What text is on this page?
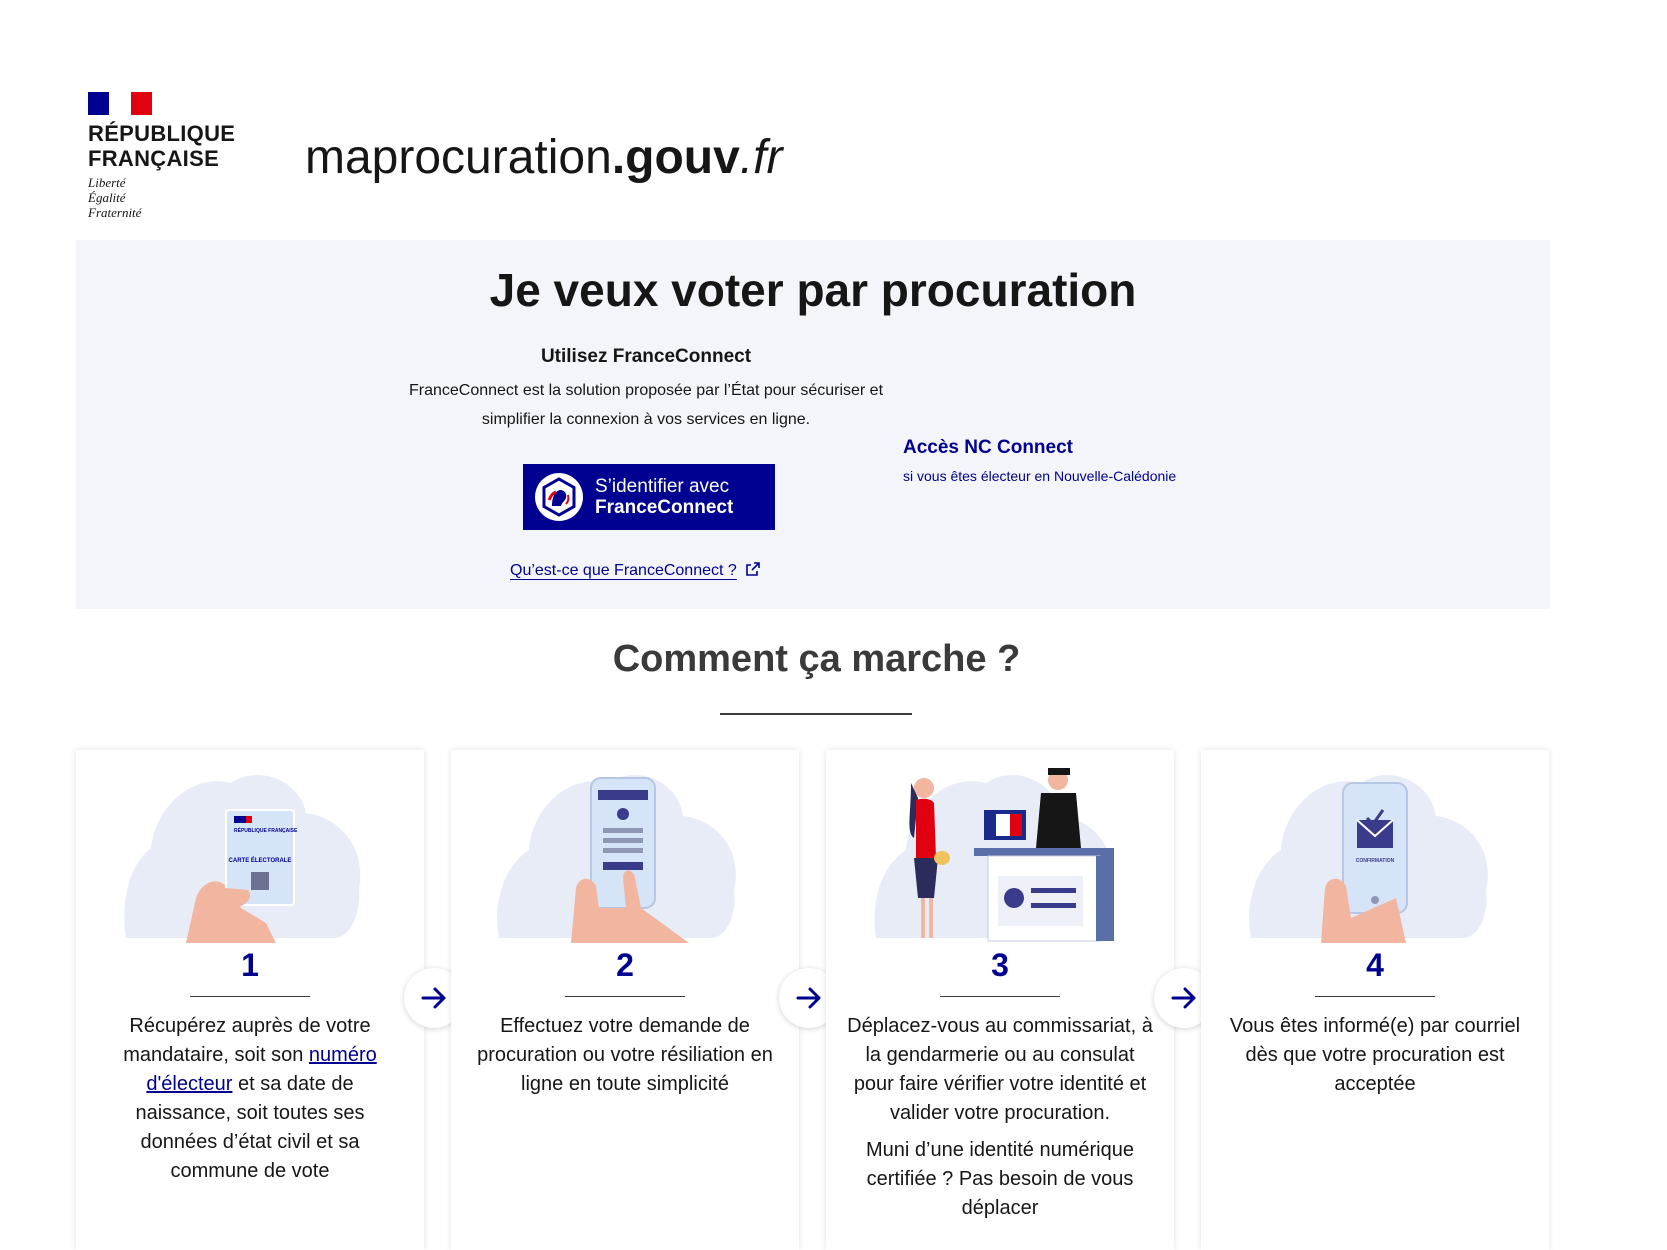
RÉPUBLIQUE
FRANÇAISE
Liberté
Égalité
Fraternité
maprocuration.gouv.fr
Je veux voter par procuration
Utilisez FranceConnect
FranceConnect est la solution proposée par l’État pour sécuriser et simplifier la connexion à vos services en ligne.
S’identifier avec
FranceConnect
Qu’est-ce que FranceConnect ?
Accès NC Connect
si vous êtes électeur en Nouvelle-Calédonie
Comment ça marche ?
RÉPUBLIQUE FRANÇAISE
CARTE ÉLECTORALE
1

Récupérez auprès de votre mandataire, soit son numéro d'électeur et sa date de naissance, soit toutes ses données d’état civil et sa commune de vote

2

Effectuez votre demande de procuration ou votre résiliation en ligne en toute simplicité

3

Déplacez-vous au commissariat, à la gendarmerie ou au consulat pour faire vérifier votre identité et valider votre procuration.

Muni d’une identité numérique certifiée ? Pas besoin de vous déplacer

CONFIRMATION
4

Vous êtes informé(e) par courriel dès que votre procuration est acceptée
